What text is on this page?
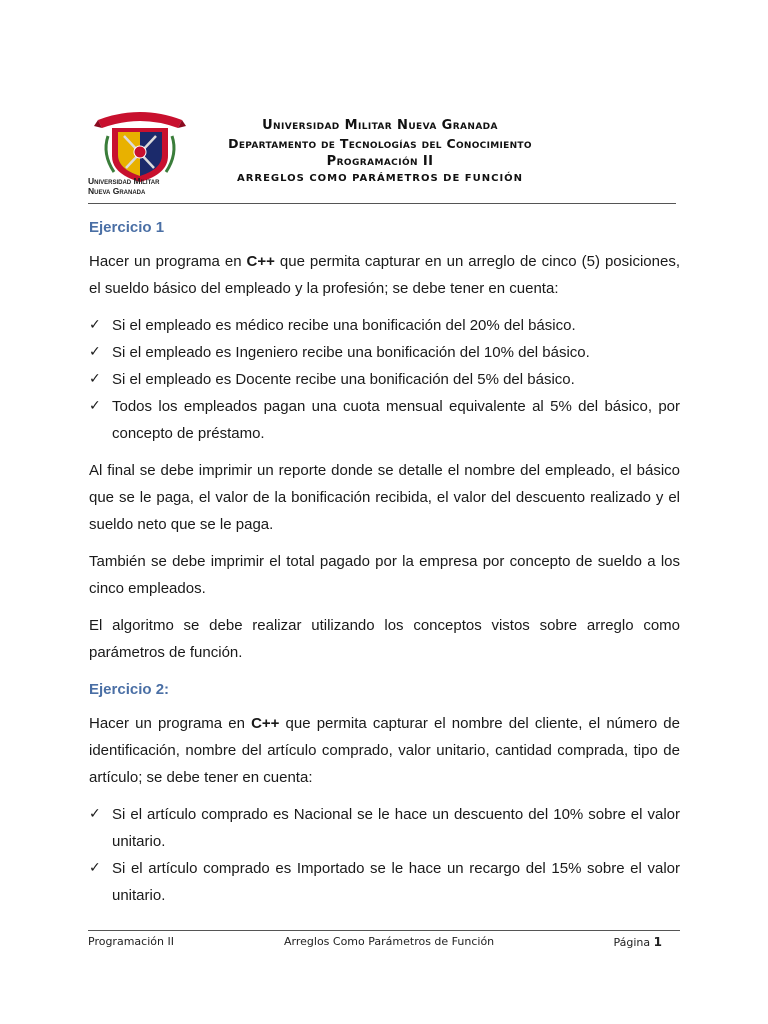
Universidad Militar
Nueva Granada
Universidad Militar Nueva Granada
Departamento de Tecnologías del Conocimiento
Programación II
ARREGLOS COMO PARÁMETROS DE FUNCIÓN
Ejercicio 1

Hacer un programa en C++ que permita capturar en un arreglo de cinco (5) posiciones, el sueldo básico del empleado y la profesión; se debe tener en cuenta:

✓ Si el empleado es médico recibe una bonificación del 20% del básico.
✓ Si el empleado es Ingeniero recibe una bonificación del 10% del básico.
✓ Si el empleado es Docente recibe una bonificación del 5% del básico.
✓ Todos los empleados pagan una cuota mensual equivalente al 5% del básico, por concepto de préstamo.

Al final se debe imprimir un reporte donde se detalle el nombre del empleado, el básico que se le paga, el valor de la bonificación recibida, el valor del descuento realizado y el sueldo neto que se le paga.

También se debe imprimir el total pagado por la empresa por concepto de sueldo a los cinco empleados.

El algoritmo se debe realizar utilizando los conceptos vistos sobre arreglo como parámetros de función.

Ejercicio 2:

Hacer un programa en C++ que permita capturar el nombre del cliente, el número de identificación, nombre del artículo comprado, valor unitario, cantidad comprada, tipo de artículo; se debe tener en cuenta:

✓ Si el artículo comprado es Nacional se le hace un descuento del 10% sobre el valor unitario.
✓ Si el artículo comprado es Importado se le hace un recargo del 15% sobre el valor unitario.
Programación II	Arreglos Como Parámetros de Función	Página 1
